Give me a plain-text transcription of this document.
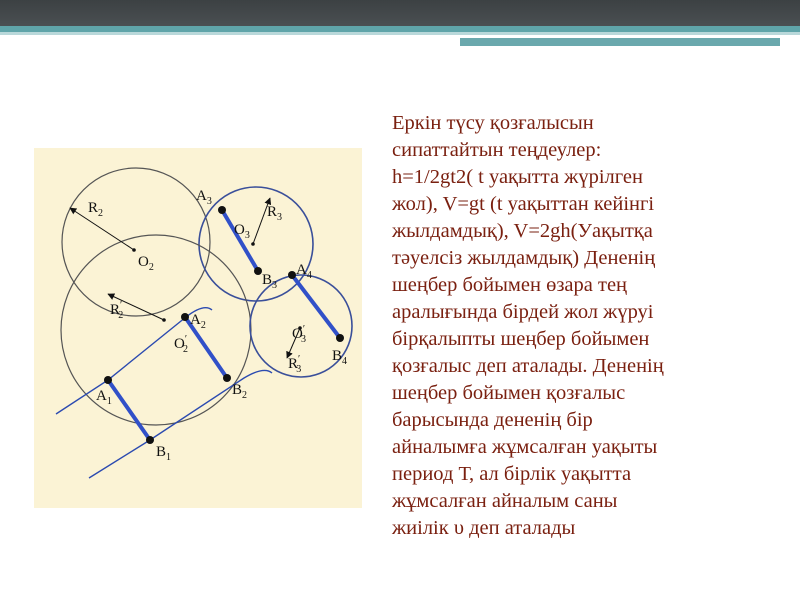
$R_2$
$O_2$
$A_3$
$O_3$
$R_3$
$B_3$
$A_4$
R′ 2	$A_2$
O′ 2
O′ 3
R′ 3
$B_4$
$A_1$
$B_2$
$B_1$

Еркін түсу қозғалысын
сипаттайтын теңдеулер:
h=1/2gt2( t уақытта жүрілген
жол), V=gt (t уақыттан кейінгі
жылдамдық), V=2gh(Уақытқа
тәуелсіз жылдамдық) Дененің
шеңбер бойымен өзара тең
аралығында бірдей жол жүруі
бірқалыпты шеңбер бойымен
қозғалыс деп аталады. Дененің
шеңбер бойымен қозғалыс
барысында дененің бір
айналымға жұмсалған уақыты
период Т, ал бірлік уақытта
жұмсалған айналым саны
жиілік υ деп аталады
